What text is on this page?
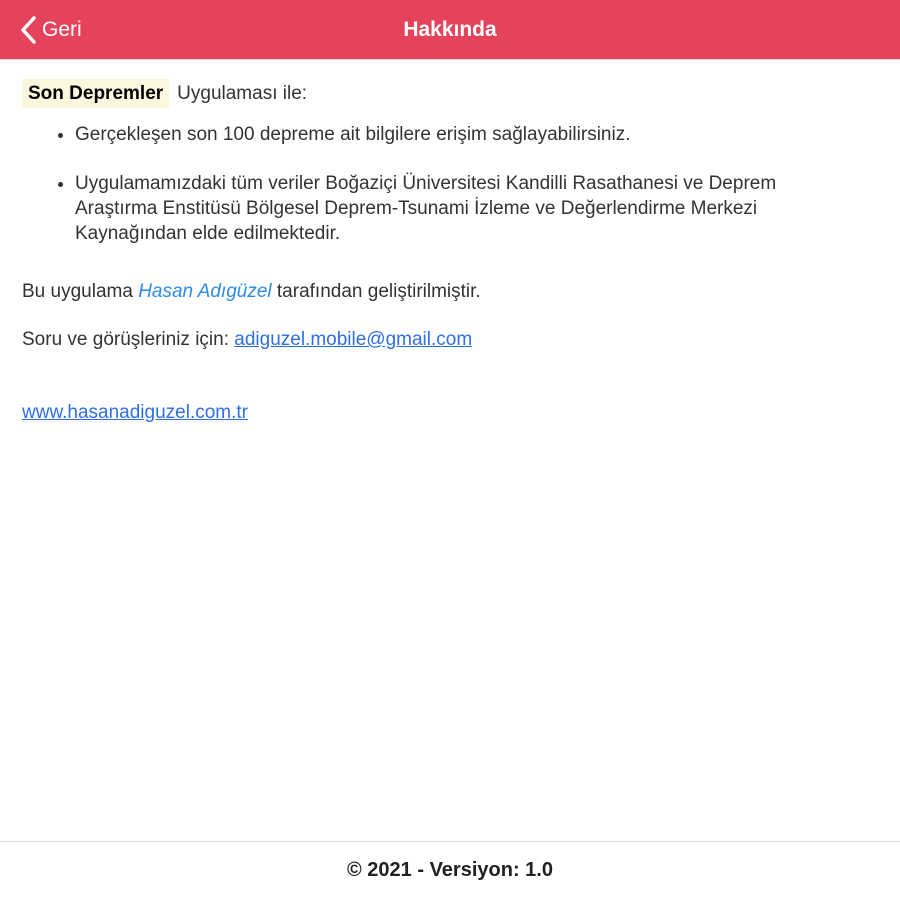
Geri	Hakkında

Son Depremler Uygulaması ile:

• Gerçekleşen son 100 depreme ait bilgilere erişim sağlayabilirsiniz.
• Uygulamamızdaki tüm veriler Boğaziçi Üniversitesi Kandilli Rasathanesi ve Deprem Araştırma Enstitüsü Bölgesel Deprem-Tsunami İzleme ve Değerlendirme Merkezi Kaynağından elde edilmektedir.

Bu uygulama Hasan Adıgüzel tarafından geliştirilmiştir.

Soru ve görüşleriniz için: adiguzel.mobile@gmail.com

www.hasanadiguzel.com.tr

© 2021 - Versiyon: 1.0
